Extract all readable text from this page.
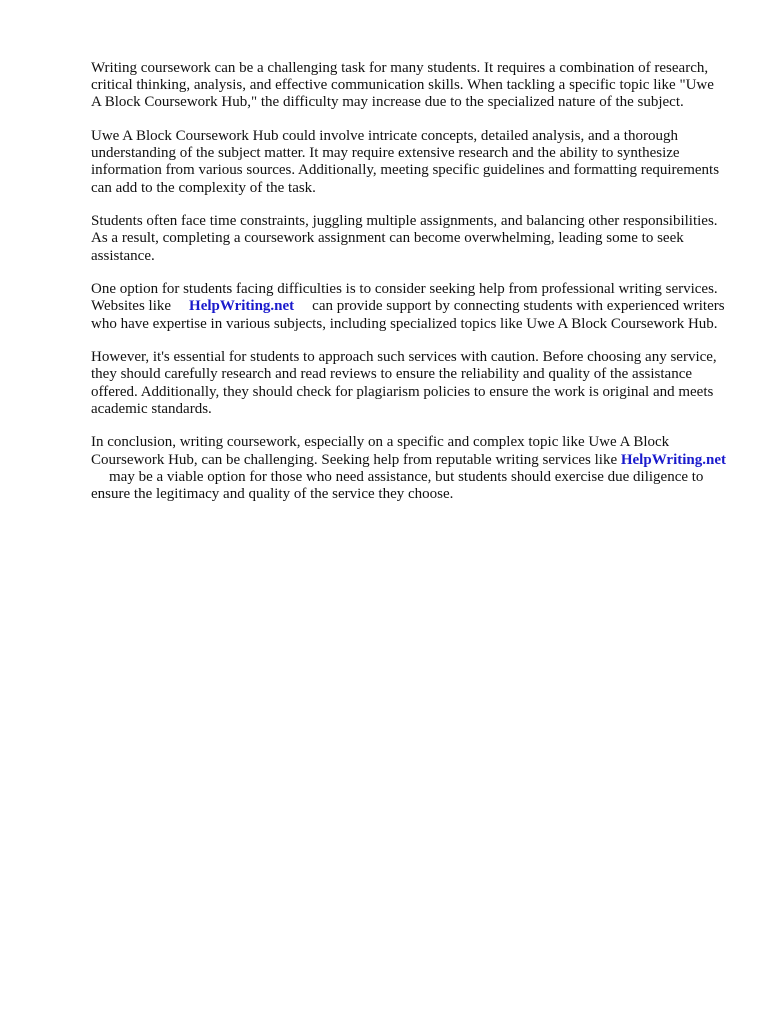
Writing coursework can be a challenging task for many students. It requires a combination of research, critical thinking, analysis, and effective communication skills. When tackling a specific topic like "Uwe A Block Coursework Hub," the difficulty may increase due to the specialized nature of the subject.

Uwe A Block Coursework Hub could involve intricate concepts, detailed analysis, and a thorough understanding of the subject matter. It may require extensive research and the ability to synthesize information from various sources. Additionally, meeting specific guidelines and formatting requirements can add to the complexity of the task.

Students often face time constraints, juggling multiple assignments, and balancing other responsibilities. As a result, completing a coursework assignment can become overwhelming, leading some to seek assistance.

One option for students facing difficulties is to consider seeking help from professional writing services. Websites like HelpWriting.net can provide support by connecting students with experienced writers who have expertise in various subjects, including specialized topics like Uwe A Block Coursework Hub.

However, it's essential for students to approach such services with caution. Before choosing any service, they should carefully research and read reviews to ensure the reliability and quality of the assistance offered. Additionally, they should check for plagiarism policies to ensure the work is original and meets academic standards.

In conclusion, writing coursework, especially on a specific and complex topic like Uwe A Block Coursework Hub, can be challenging. Seeking help from reputable writing services like HelpWriting.netmay be a viable option for those who need assistance, but students should exercise due diligence to ensure the legitimacy and quality of the service they choose.
